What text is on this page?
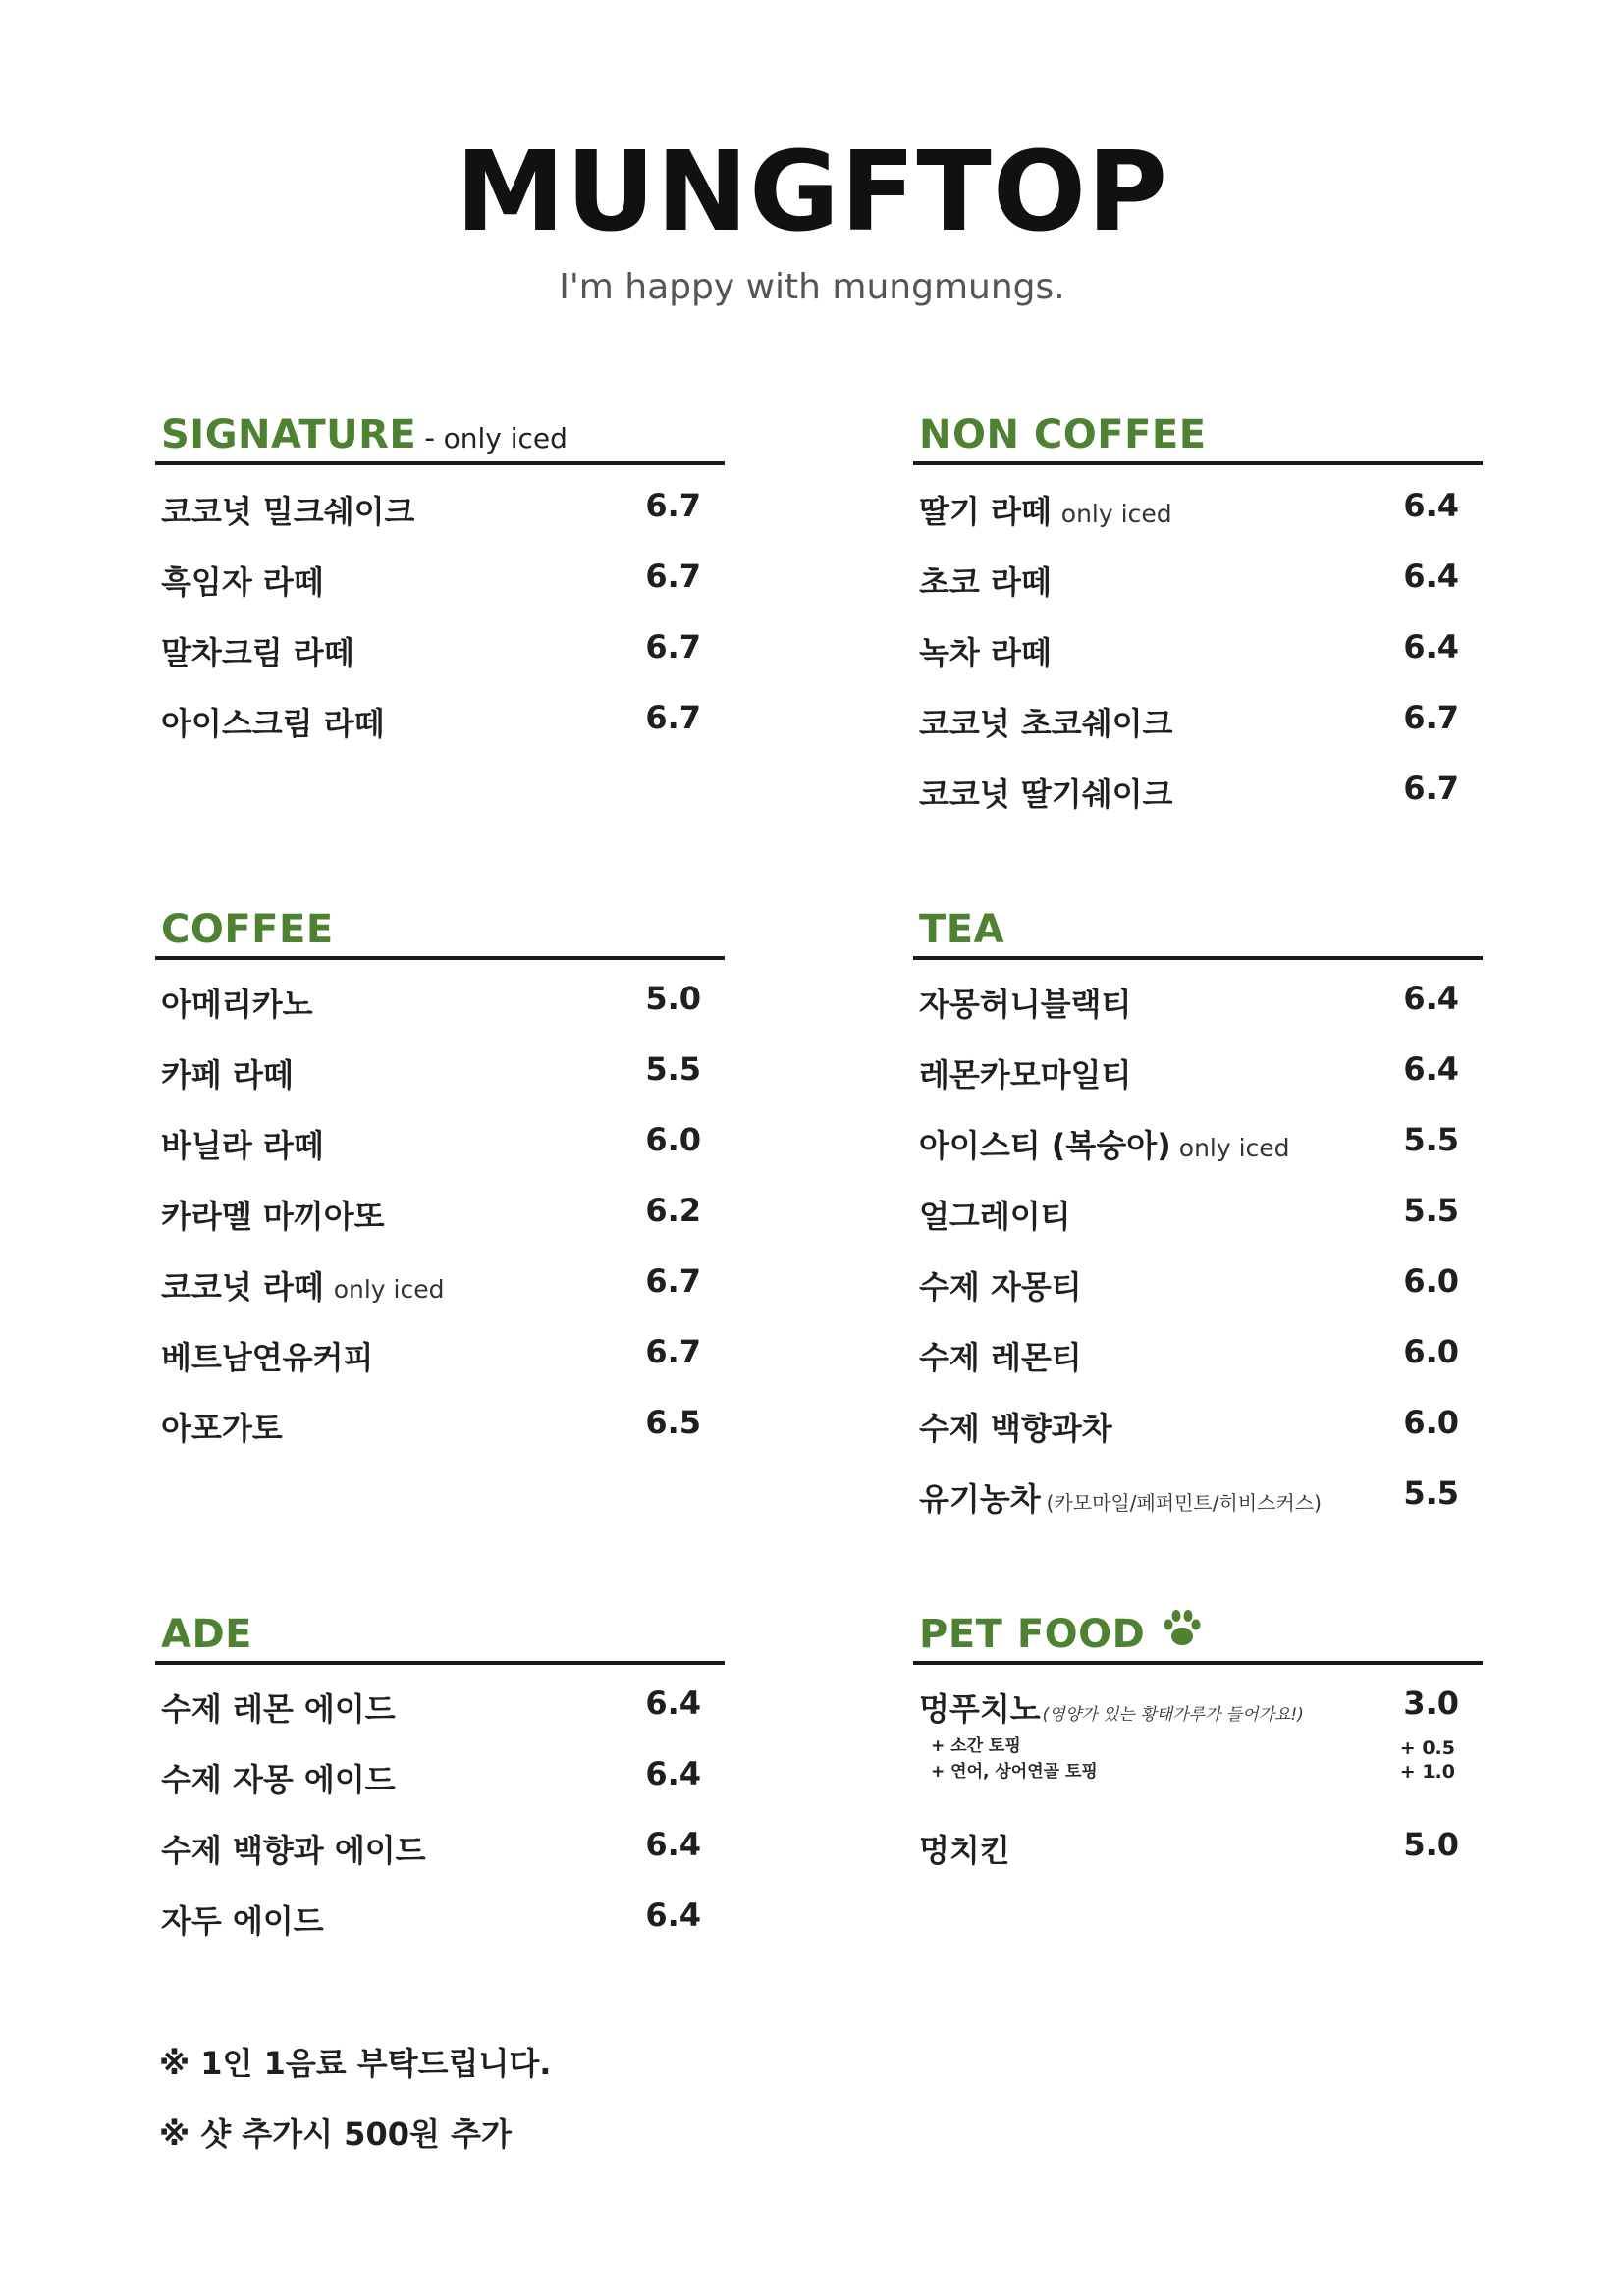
MUNGFTOP
I'm happy with mungmungs.
SIGNATURE - only iced
코코넛 밀크쉐이크	6.7
흑임자 라떼	6.7
말차크림 라떼	6.7
아이스크림 라떼	6.7
NON COFFEE
딸기 라떼 only iced	6.4
초코 라떼	6.4
녹차 라떼	6.4
코코넛 초코쉐이크	6.7
코코넛 딸기쉐이크	6.7
COFFEE
아메리카노	5.0
카페 라떼	5.5
바닐라 라떼	6.0
카라멜 마끼아또	6.2
코코넛 라떼 only iced	6.7
베트남연유커피	6.7
아포가토	6.5
TEA
자몽허니블랙티	6.4
레몬카모마일티	6.4
아이스티 (복숭아) only iced	5.5
얼그레이티	5.5
수제 자몽티	6.0
수제 레몬티	6.0
수제 백향과차	6.0
유기농차 (카모마일/페퍼민트/히비스커스)	5.5
ADE
수제 레몬 에이드	6.4
수제 자몽 에이드	6.4
수제 백향과 에이드	6.4
자두 에이드	6.4
PET FOOD
멍푸치노 (영양가 있는 황태가루가 들어가요!)	3.0
+ 소간 토핑	+ 0.5
+ 연어, 상어연골 토핑	+ 1.0
멍치킨	5.0
※ 1인 1음료 부탁드립니다.
※ 샷 추가시 500원 추가
